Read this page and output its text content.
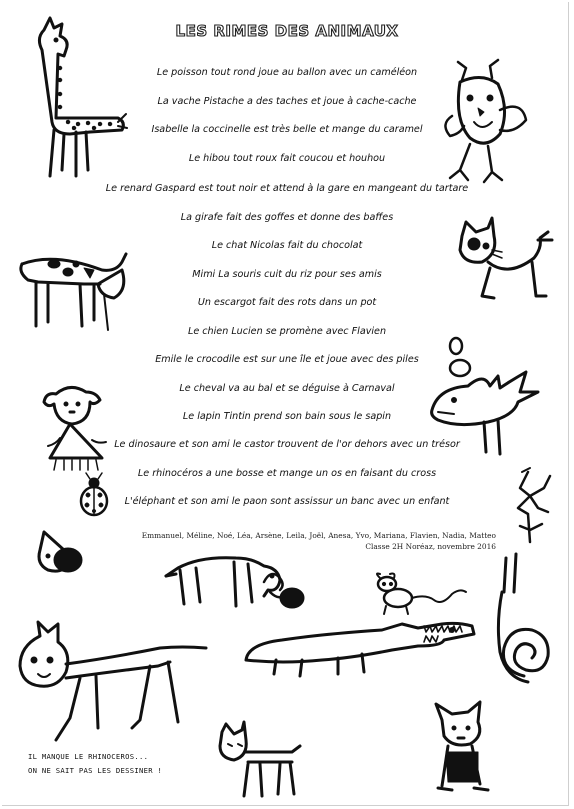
LES RIMES DES ANIMAUX
Le poisson tout rond joue au ballon avec un caméléon
La vache Pistache a des taches et joue à cache-cache
Isabelle la coccinelle est très belle et mange du caramel
Le hibou tout roux fait coucou et houhou
Le renard Gaspard est tout noir et attend à la gare en mangeant du tartare
La girafe fait des goffes et donne des baffes
Le chat Nicolas fait du chocolat
Mimi La souris cuit du riz pour ses amis
Un escargot fait des rots dans un pot
Le chien Lucien se promène avec Flavien
Emile le crocodile est sur une île et joue avec des piles
Le cheval va au bal et se déguise à Carnaval
Le lapin Tintin prend son bain sous le sapin
Le dinosaure et son ami le castor trouvent de l'or dehors avec un trésor
Le rhinocéros a une bosse et mange un os en faisant du cross
L'éléphant et son ami le paon sont assissur un banc avec un enfant
Emmanuel, Méline, Noé, Léa, Arsène, Leila, Joël, Anesa, Yvo, Mariana, Flavien, Nadia, Matteo
Classe 2H Noréaz, novembre 2016
IL MANQUE LE RHINOCEROS...
ON NE SAIT PAS LES DESSINER !
